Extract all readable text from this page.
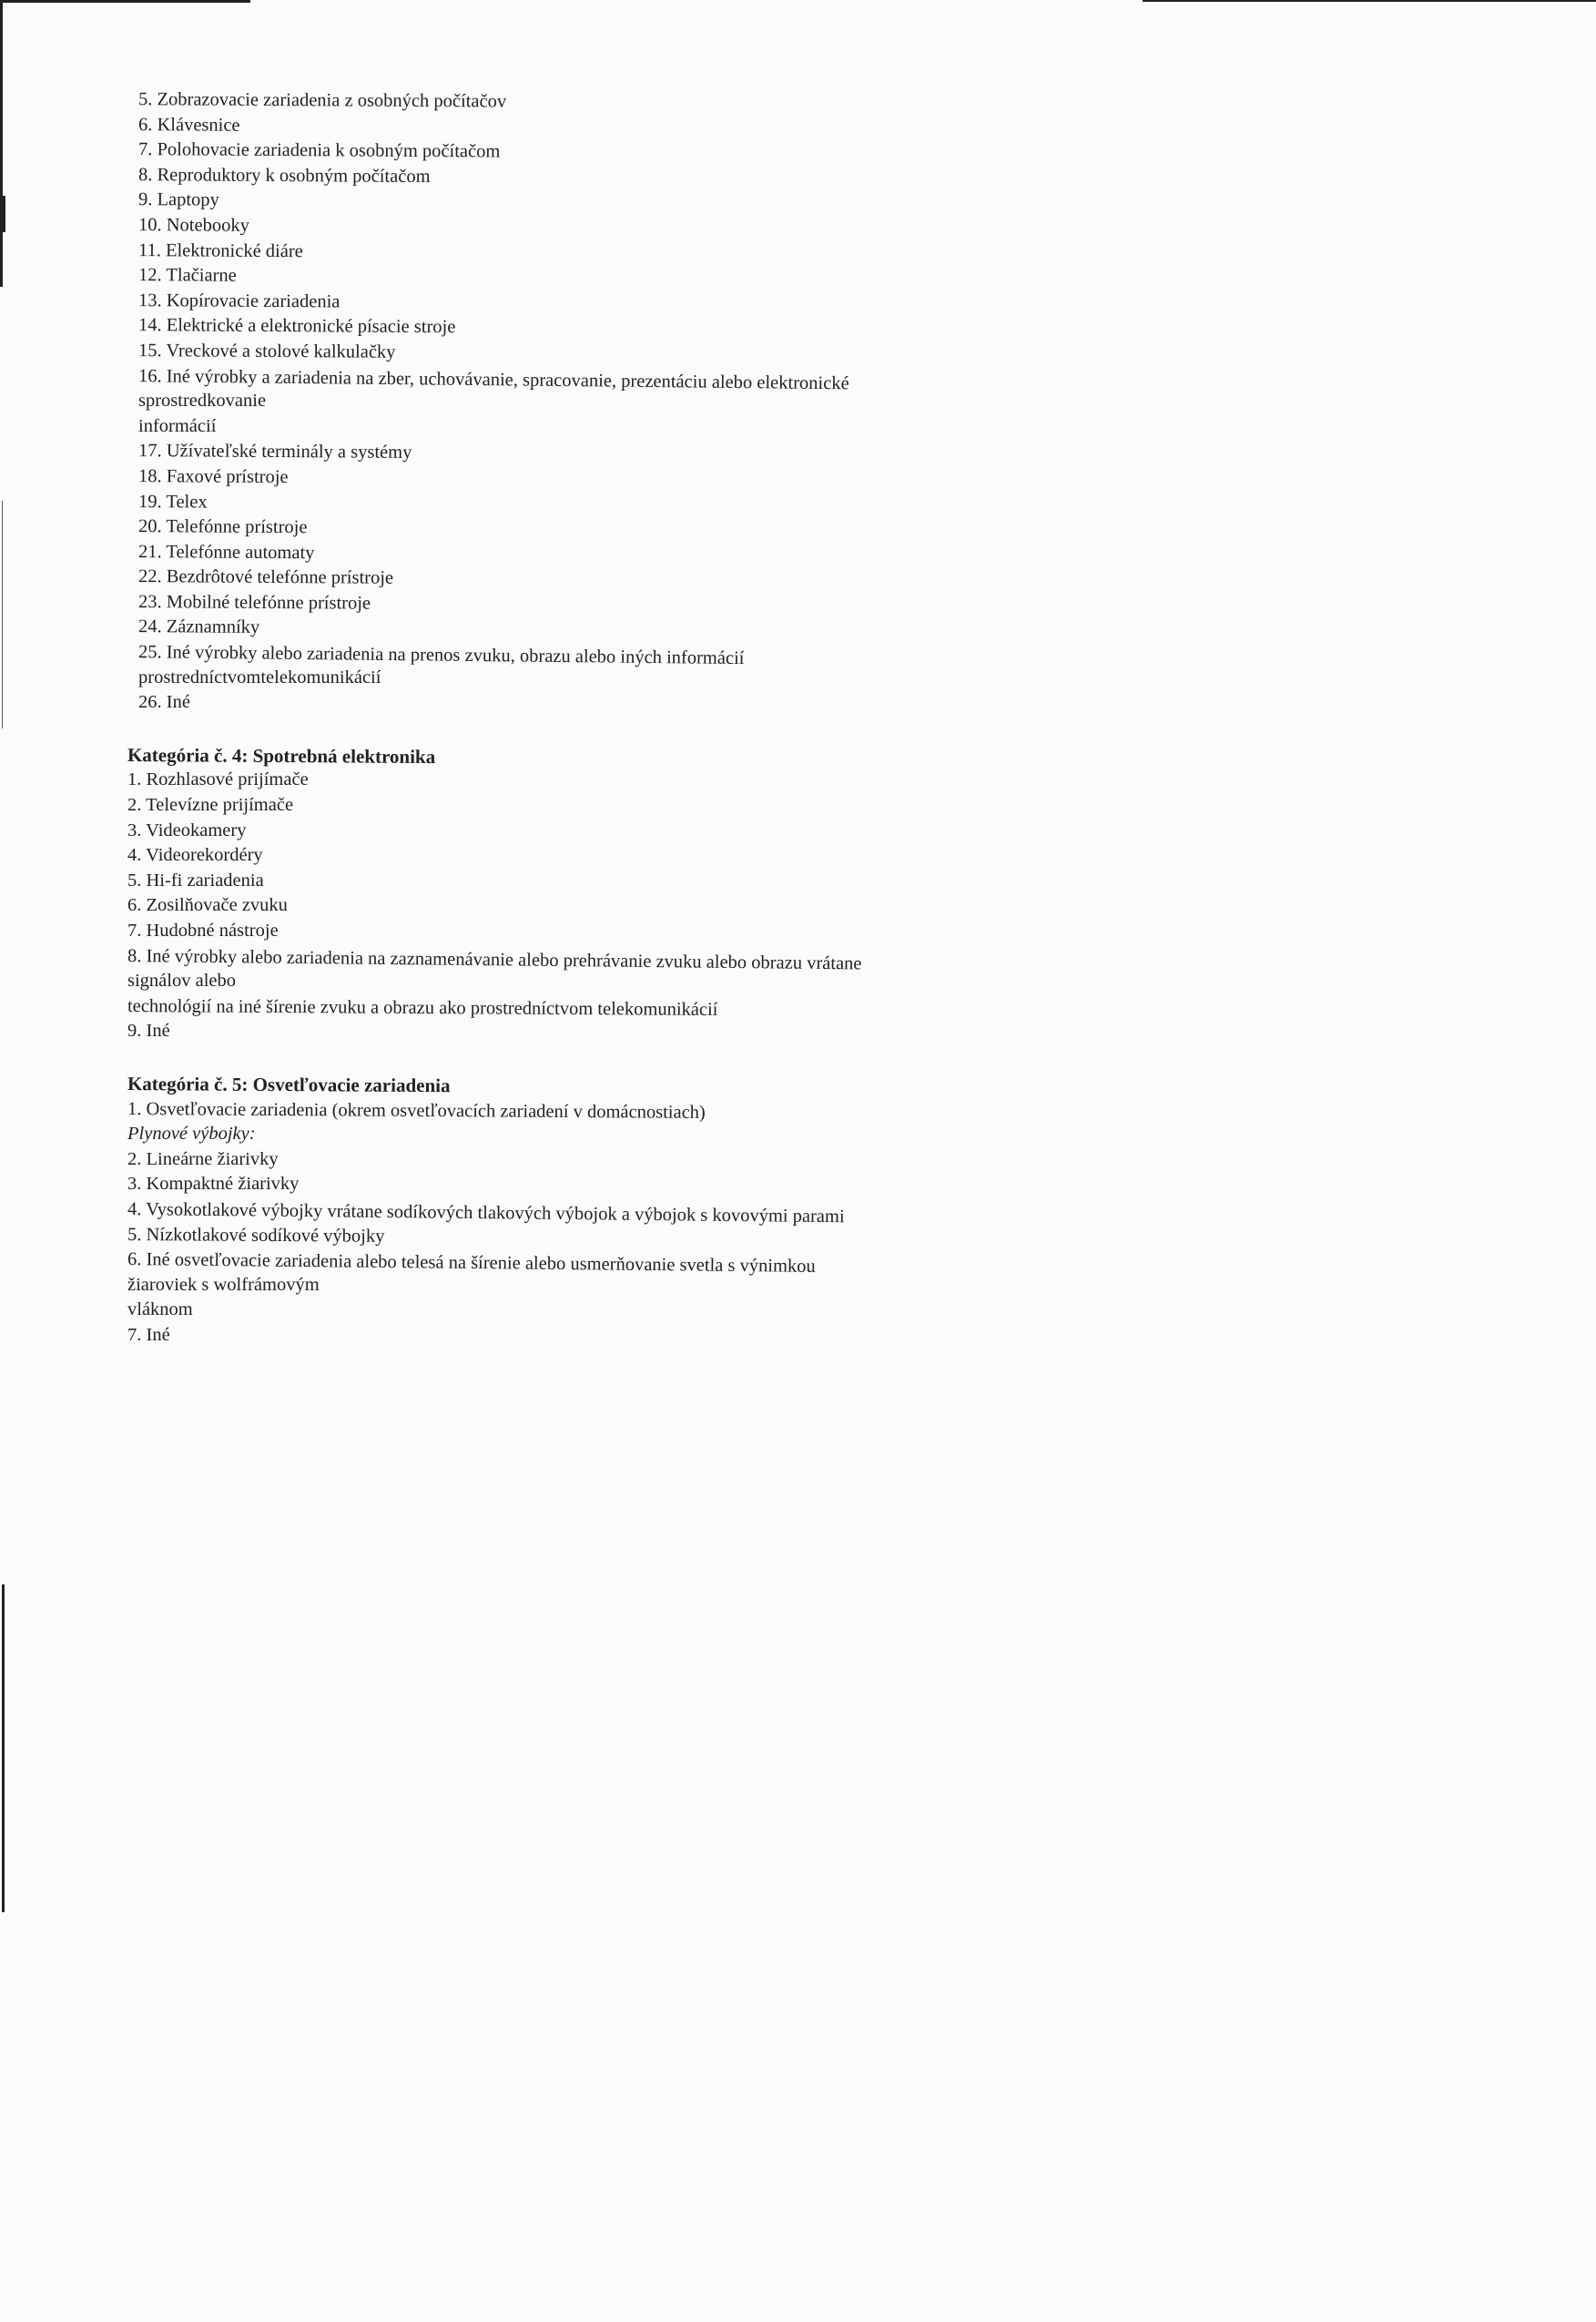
5. Zobrazovacie zariadenia z osobných počítačov

6. Klávesnice

7. Polohovacie zariadenia k osobným počítačom

8. Reproduktory k osobným počítačom

9. Laptopy

10. Notebooky

11. Elektronické diáre

12. Tlačiarne

13. Kopírovacie zariadenia

14. Elektrické a elektronické písacie stroje

15. Vreckové a stolové kalkulačky

16. Iné výrobky a zariadenia na zber, uchovávanie, spracovanie, prezentáciu alebo elektronické

sprostredkovanie

informácií

17. Užívateľské terminály a systémy

18. Faxové prístroje

19. Telex

20. Telefónne prístroje

21. Telefónne automaty

22. Bezdrôtové telefónne prístroje

23. Mobilné telefónne prístroje

24. Záznamníky

25. Iné výrobky alebo zariadenia na prenos zvuku, obrazu alebo iných informácií

prostredníctvomtelekomunikácií

26. Iné

Kategória č. 4: Spotrebná elektronika

1. Rozhlasové prijímače

2. Televízne prijímače

3. Videokamery

4. Videorekordéry

5. Hi-fi zariadenia

6. Zosilňovače zvuku

7. Hudobné nástroje

8. Iné výrobky alebo zariadenia na zaznamenávanie alebo prehrávanie zvuku alebo obrazu vrátane

signálov alebo

technológií na iné šírenie zvuku a obrazu ako prostredníctvom telekomunikácií

9. Iné

Kategória č. 5: Osvetľovacie zariadenia

1. Osvetľovacie zariadenia (okrem osvetľovacích zariadení v domácnostiach)

Plynové výbojky:

2. Lineárne žiarivky

3. Kompaktné žiarivky

4. Vysokotlakové výbojky vrátane sodíkových tlakových výbojok a výbojok s kovovými parami

5. Nízkotlakové sodíkové výbojky

6. Iné osvetľovacie zariadenia alebo telesá na šírenie alebo usmerňovanie svetla s výnimkou

žiaroviek s wolfrámovým

vláknom

7. Iné
